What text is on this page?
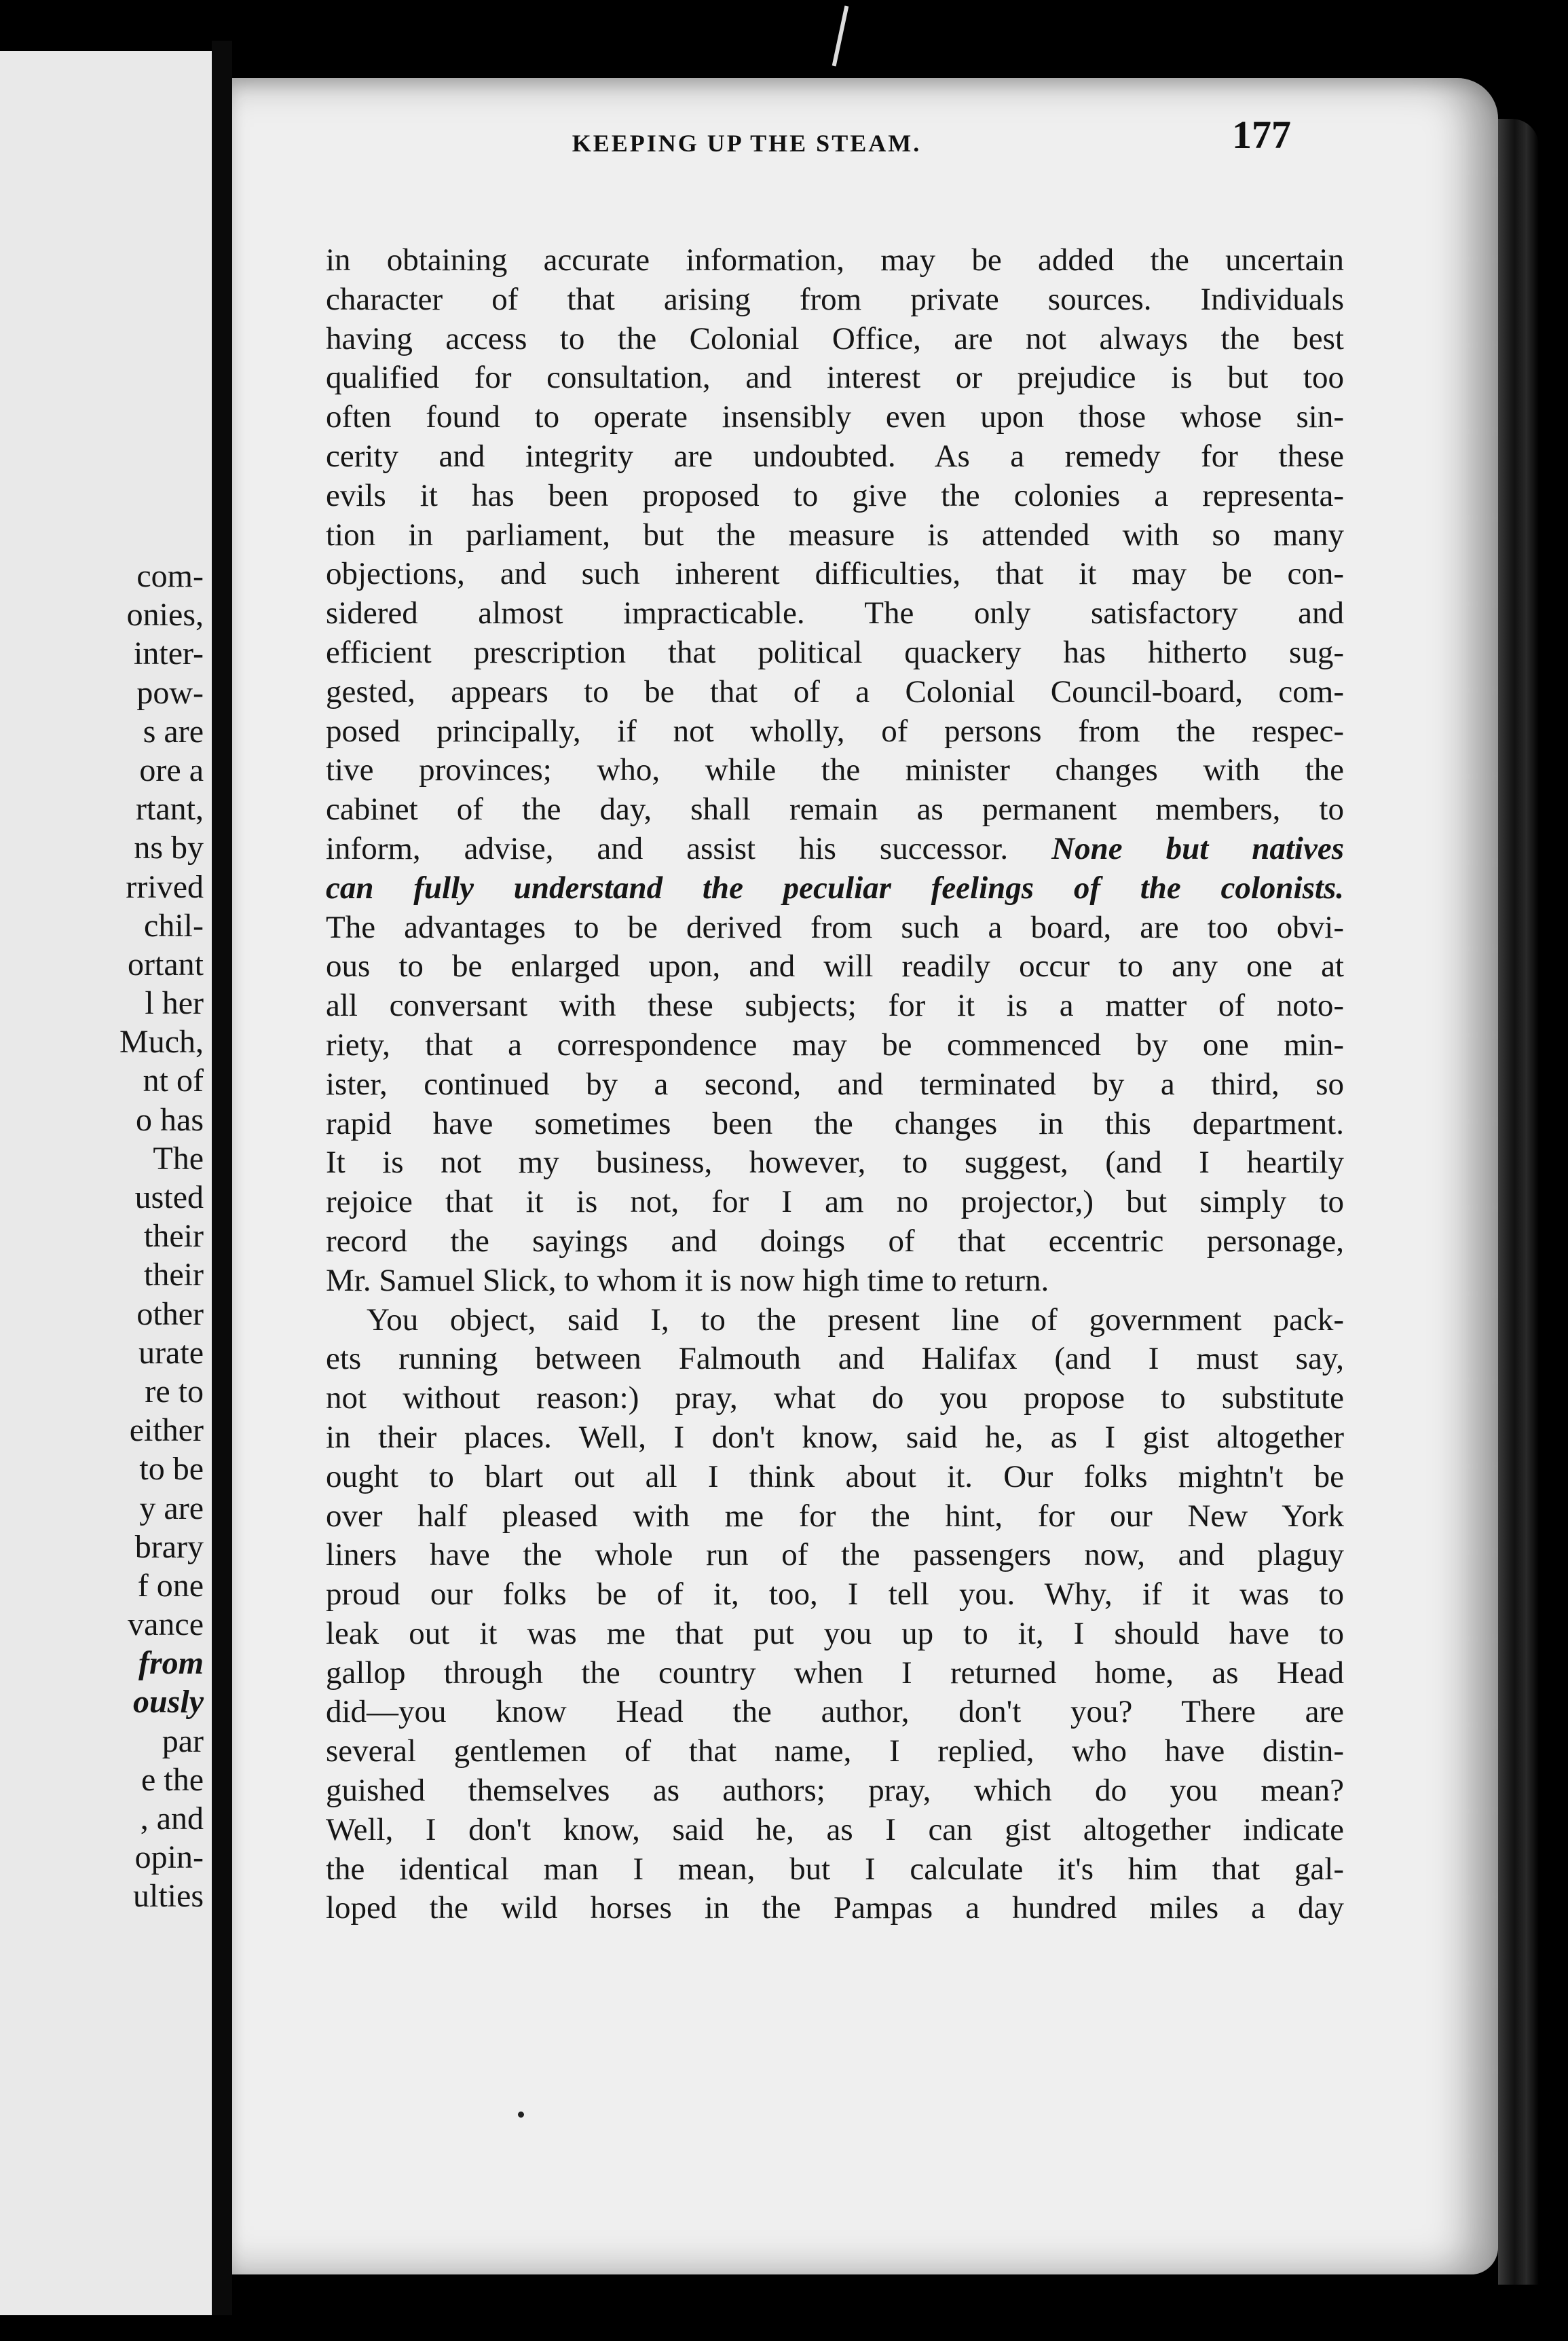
com-
onies,
inter-
pow-
s are
ore a
rtant,
ns by
rrived
chil-
ortant
l her
Much,
nt of
o has
The
usted
their
their
other
urate
re to
either
to be
y are
brary
f one
vance
from
ously
par
e the
, and
opin-
ulties
KEEPING UP THE STEAM.	177
in obtaining accurate information, may be added the uncertain
character of that arising from private sources. Individuals
having access to the Colonial Office, are not always the best
qualified for consultation, and interest or prejudice is but too
often found to operate insensibly even upon those whose sin-
cerity and integrity are undoubted. As a remedy for these
evils it has been proposed to give the colonies a representa-
tion in parliament, but the measure is attended with so many
objections, and such inherent difficulties, that it may be con-
sidered almost impracticable. The only satisfactory and
efficient prescription that political quackery has hitherto sug-
gested, appears to be that of a Colonial Council-board, com-
posed principally, if not wholly, of persons from the respec-
tive provinces; who, while the minister changes with the
cabinet of the day, shall remain as permanent members, to
inform, advise, and assist his successor. None but natives
can fully understand the peculiar feelings of the colonists.
The advantages to be derived from such a board, are too obvi-
ous to be enlarged upon, and will readily occur to any one at
all conversant with these subjects; for it is a matter of noto-
riety, that a correspondence may be commenced by one min-
ister, continued by a second, and terminated by a third, so
rapid have sometimes been the changes in this department.
It is not my business, however, to suggest, (and I heartily
rejoice that it is not, for I am no projector,) but simply to
record the sayings and doings of that eccentric personage,
Mr. Samuel Slick, to whom it is now high time to return.
You object, said I, to the present line of government pack-
ets running between Falmouth and Halifax (and I must say,
not without reason:) pray, what do you propose to substitute
in their places. Well, I don't know, said he, as I gist altogether
ought to blart out all I think about it. Our folks mightn't be
over half pleased with me for the hint, for our New York
liners have the whole run of the passengers now, and plaguy
proud our folks be of it, too, I tell you. Why, if it was to
leak out it was me that put you up to it, I should have to
gallop through the country when I returned home, as Head
did—you know Head the author, don't you? There are
several gentlemen of that name, I replied, who have distin-
guished themselves as authors; pray, which do you mean?
Well, I don't know, said he, as I can gist altogether indicate
the identical man I mean, but I calculate it's him that gal-
loped the wild horses in the Pampas a hundred miles a day
